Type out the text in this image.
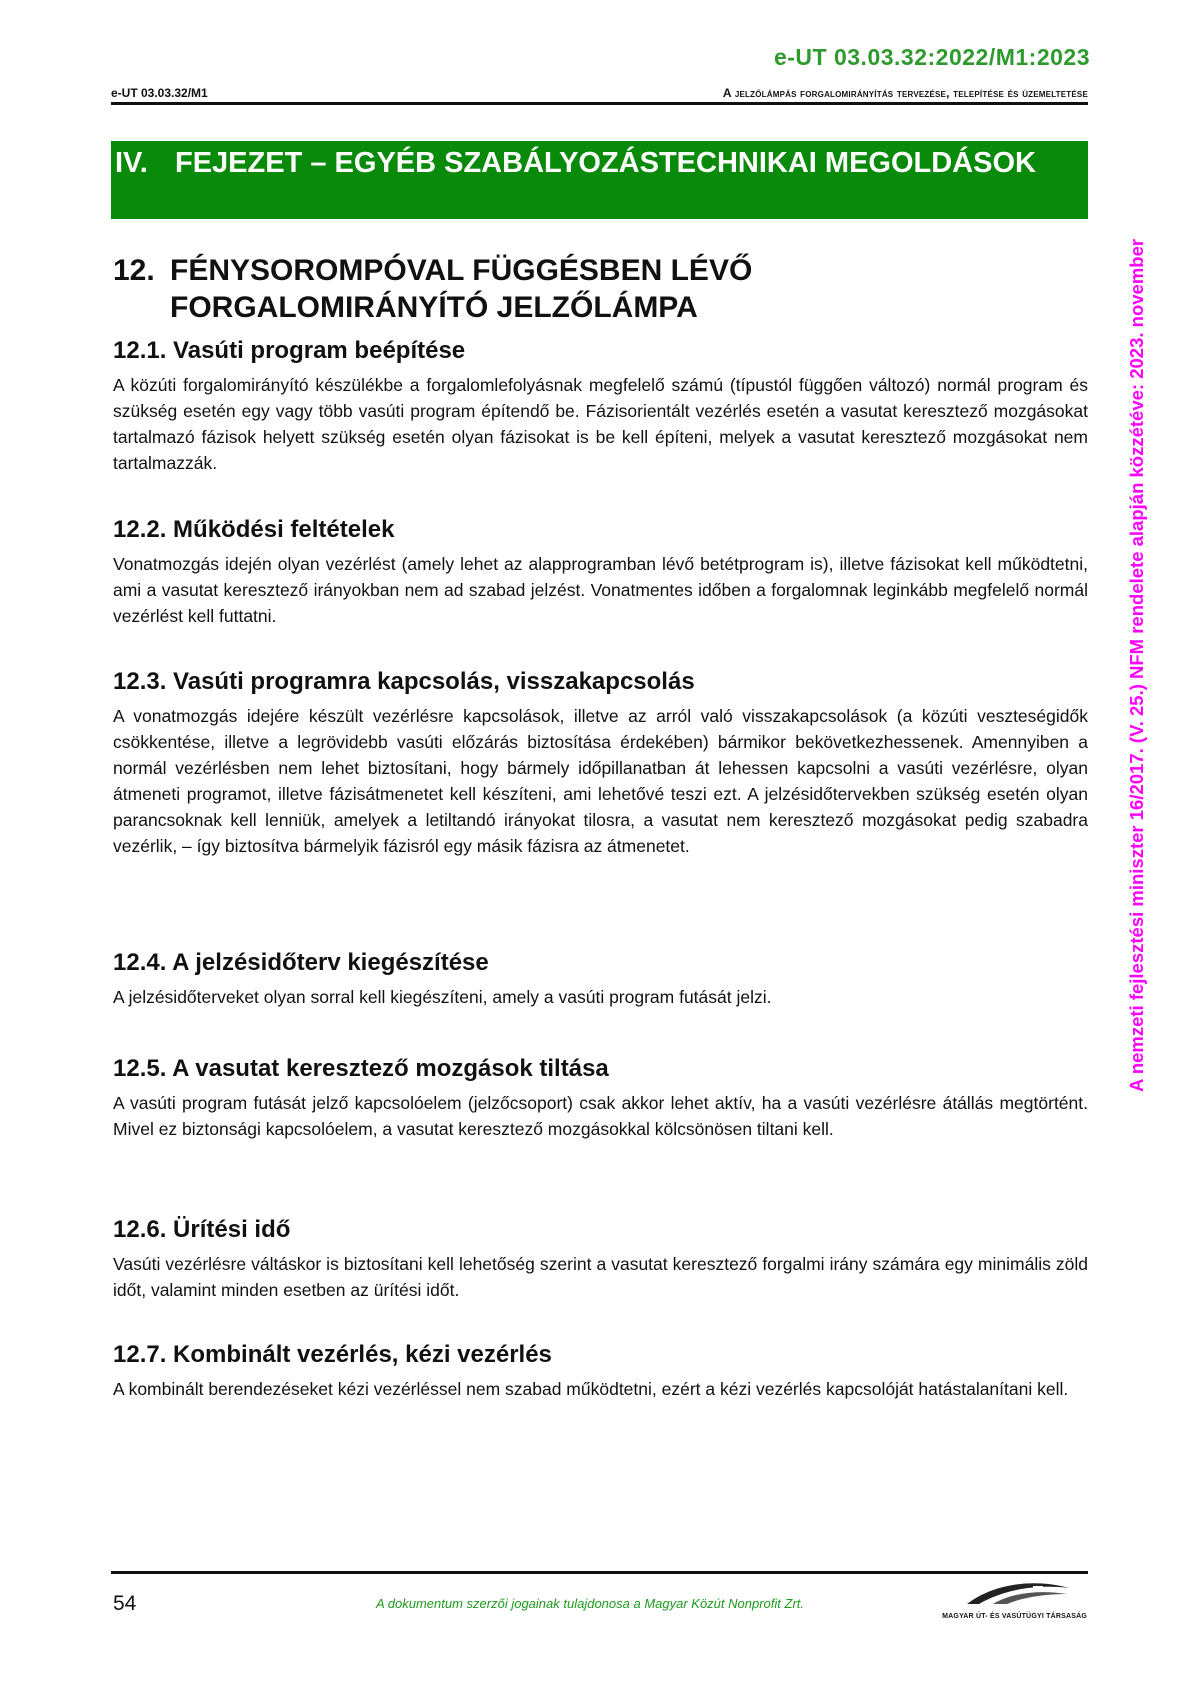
e-UT 03.03.32:2022/M1:2023
e-UT 03.03.32/M1	A jelzőlámpás forgalomirányítás tervezése, telepítése és üzemeltetése
IV. FEJEZET – EGYÉB SZABÁLYOZÁSTECHNIKAI MEGOLDÁSOK
12. FÉNYSOROMPÓVAL FÜGGÉSBEN LÉVŐ FORGALOMIRÁNYÍTÓ JELZŐLÁMPA
12.1. Vasúti program beépítése

A közúti forgalomirányító készülékbe a forgalomlefolyásnak megfelelő számú (típustól függően változó) normál program és szükség esetén egy vagy több vasúti program építendő be. Fázisorientált vezérlés esetén a vasutat keresztező mozgásokat tartalmazó fázisok helyett szükség esetén olyan fázisokat is be kell építeni, melyek a vasutat keresztező mozgásokat nem tartalmazzák.

12.2. Működési feltételek

Vonatmozgás idején olyan vezérlést (amely lehet az alapprogramban lévő betétprogram is), illetve fázisokat kell működtetni, ami a vasutat keresztező irányokban nem ad szabad jelzést. Vonatmentes időben a forgalomnak leginkább megfelelő normál vezérlést kell futtatni.

12.3. Vasúti programra kapcsolás, visszakapcsolás

A vonatmozgás idejére készült vezérlésre kapcsolások, illetve az arról való visszakapcsolások (a közúti veszteségidők csökkentése, illetve a legrövidebb vasúti előzárás biztosítása érdekében) bármikor bekövetkezhessenek. Amennyiben a normál vezérlésben nem lehet biztosítani, hogy bármely időpillanatban át lehessen kapcsolni a vasúti vezérlésre, olyan átmeneti programot, illetve fázisátmenetet kell készíteni, ami lehetővé teszi ezt. A jelzésidőtervekben szükség esetén olyan parancsoknak kell lenniük, amelyek a letiltandó irányokat tilosra, a vasutat nem keresztező mozgásokat pedig szabadra vezérlik, – így biztosítva bármelyik fázisról egy másik fázisra az átmenetet.

12.4. A jelzésidőterv kiegészítése

A jelzésidőterveket olyan sorral kell kiegészíteni, amely a vasúti program futását jelzi.

12.5. A vasutat keresztező mozgások tiltása

A vasúti program futását jelző kapcsolóelem (jelzőcsoport) csak akkor lehet aktív, ha a vasúti vezérlésre átállás megtörtént. Mivel ez biztonsági kapcsolóelem, a vasutat keresztező mozgásokkal kölcsönösen tiltani kell.

12.6. Ürítési idő

Vasúti vezérlésre váltáskor is biztosítani kell lehetőség szerint a vasutat keresztező forgalmi irány számára egy minimális zöld időt, valamint minden esetben az ürítési időt.

12.7. Kombinált vezérlés, kézi vezérlés

A kombinált berendezéseket kézi vezérléssel nem szabad működtetni, ezért a kézi vezérlés kapcsolóját hatástalanítani kell.

A nemzeti fejlesztési miniszter 16/2017. (V. 25.) NFM rendelete alapján közzétéve: 2023. november
54	A dokumentum szerzői jogainak tulajdonosa a Magyar Közút Nonprofit Zrt.
MAGYAR ÚT- ÉS VASÚTÜGYI TÁRSASÁG
